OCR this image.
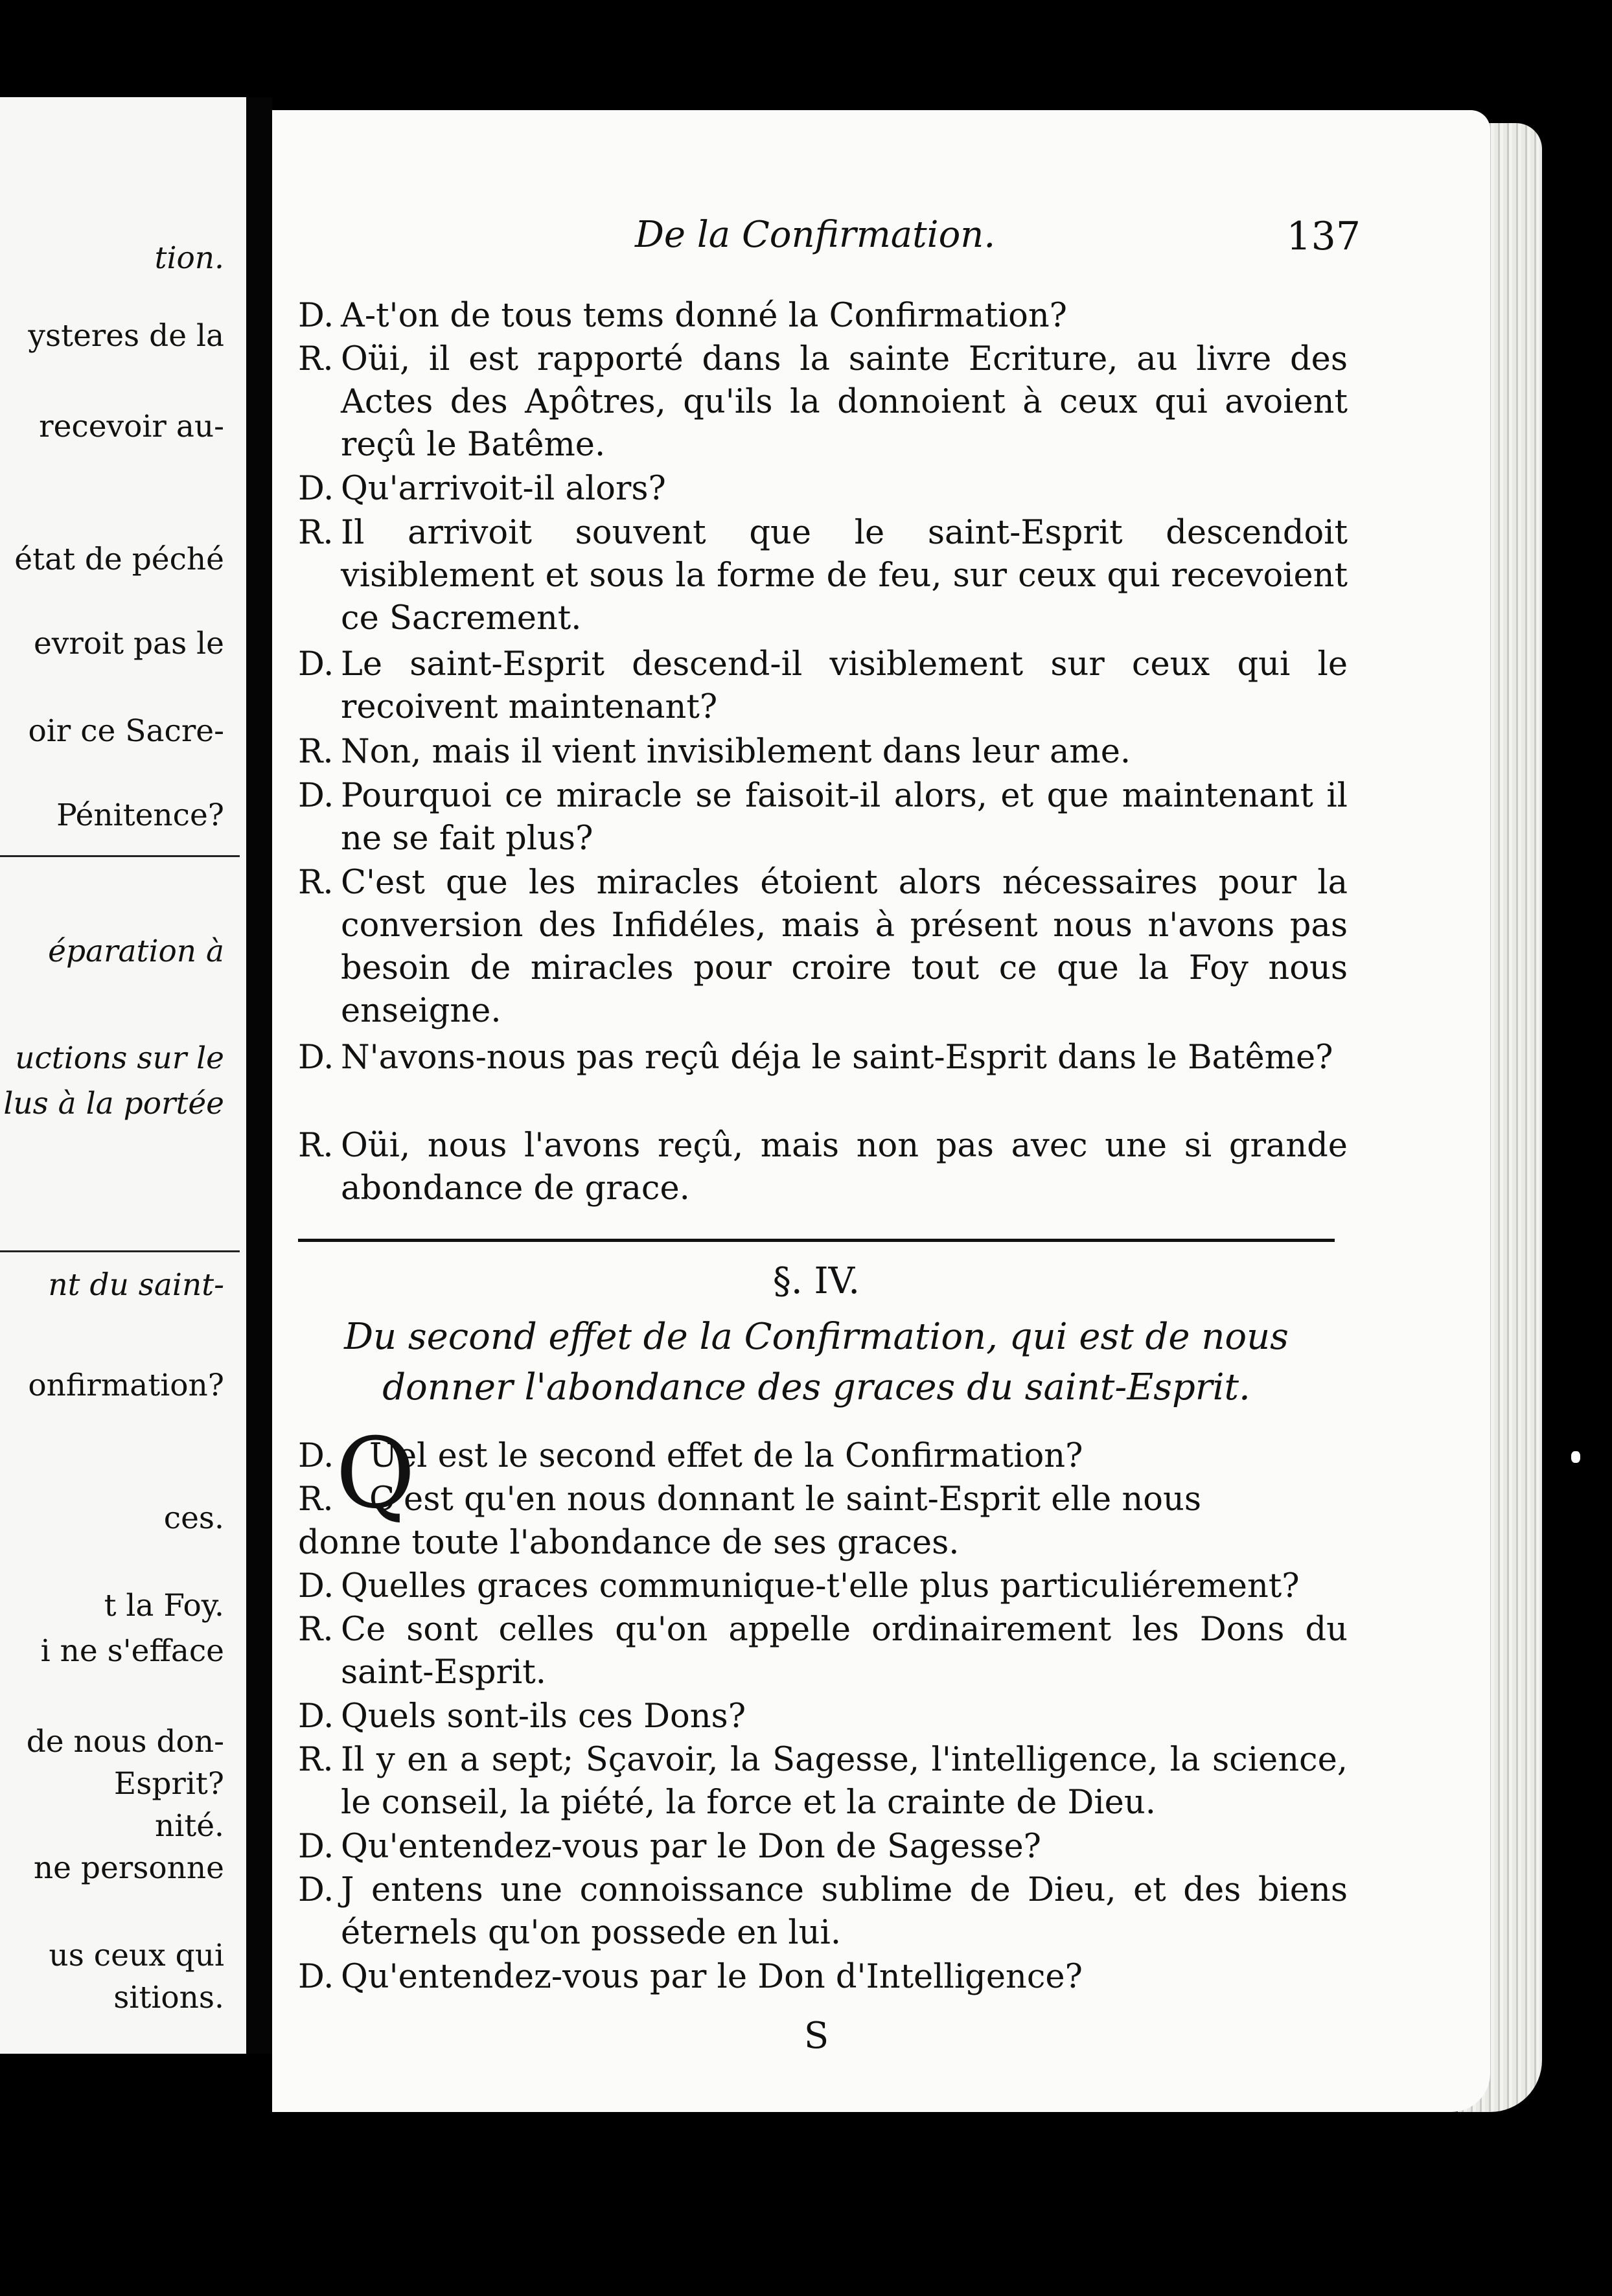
tion.
ysteres de la
recevoir au-
état de péché
evroit pas le
oir ce Sacre-
Pénitence?
éparation à
uctions sur le
lus à la portée
nt du saint-
onfirmation?
ces.
t la Foy.
i ne s'efface
de nous don-
Esprit?
nité.
ne personne
us ceux qui
sitions.
De la Confirmation.	137
D. A-t'on de tous tems donné la Confirmation?
R. Oüi, il est rapporté dans la sainte Ecriture, au livre des Actes des Apôtres, qu'ils la donnoient à ceux qui avoient reçû le Batême.
D. Qu'arrivoit-il alors?
R. Il arrivoit souvent que le saint-Esprit descendoit visiblement et sous la forme de feu, sur ceux qui recevoient ce Sacrement.
D. Le saint-Esprit descend-il visiblement sur ceux qui le recoivent maintenant?
R. Non, mais il vient invisiblement dans leur ame.
D. Pourquoi ce miracle se faisoit-il alors, et que maintenant il ne se fait plus?
R. C'est que les miracles étoient alors nécessaires pour la conversion des Infidéles, mais à présent nous n'avons pas besoin de miracles pour croire tout ce que la Foy nous enseigne.
D. N'avons-nous pas reçû déja le saint-Esprit dans le Batême?
R. Oüi, nous l'avons reçû, mais non pas avec une si grande abondance de grace.
§. IV.
Du second effet de la Confirmation, qui est de nous donner l'abondance des graces du saint-Esprit.
Q
D.	Uel est le second effet de la Confirmation?
R.	C'est qu'en nous donnant le saint-Esprit elle nous
donne toute l'abondance de ses graces.
D. Quelles graces communique-t'elle plus particuliérement?
R. Ce sont celles qu'on appelle ordinairement les Dons du saint-Esprit.
D. Quels sont-ils ces Dons?
R. Il y en a sept; Sçavoir, la Sagesse, l'intelligence, la science, le conseil, la piété, la force et la crainte de Dieu.
D. Qu'entendez-vous par le Don de Sagesse?
D. J entens une connoissance sublime de Dieu, et des biens éternels qu'on possede en lui.
D. Qu'entendez-vous par le Don d'Intelligence?
S
